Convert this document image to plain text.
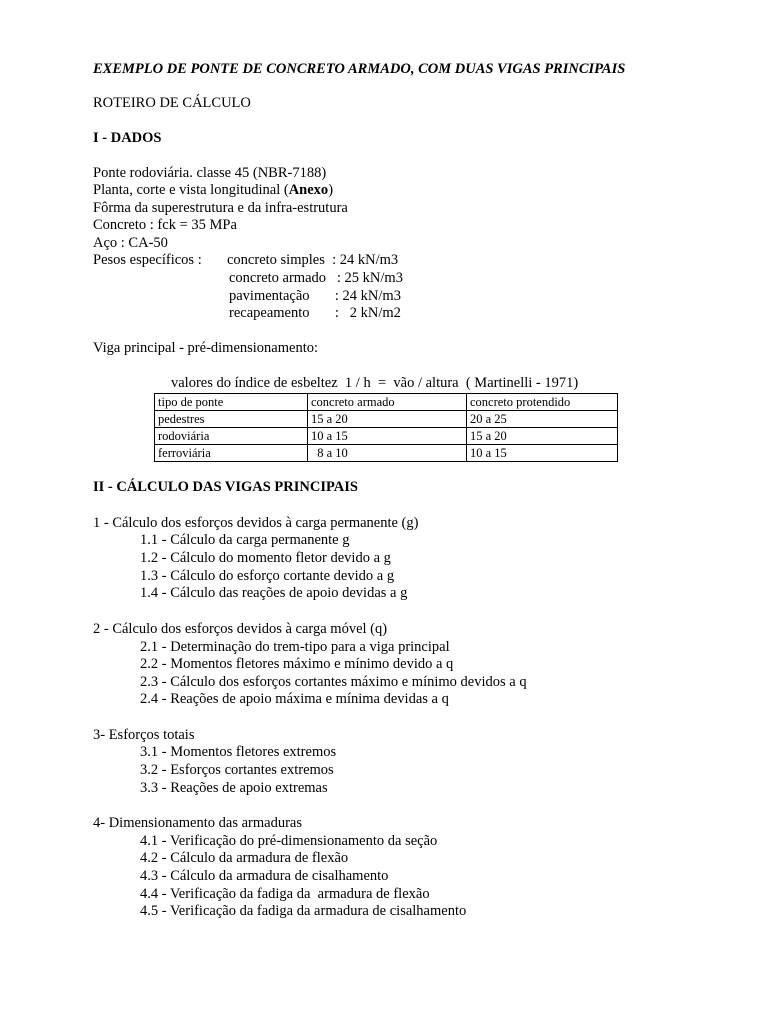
EXEMPLO DE PONTE DE CONCRETO ARMADO, COM DUAS VIGAS PRINCIPAIS
ROTEIRO DE CÁLCULO
I - DADOS
Ponte rodoviária. classe 45 (NBR-7188)
Planta, corte e vista longitudinal (Anexo)
Fôrma da superestrutura e da infra-estrutura
Concreto : fck = 35 MPa
Aço : CA-50
Pesos específicos : concreto simples  : 24 kN/m3
concreto armado   : 25 kN/m3
pavimentação       : 24 kN/m3
recapeamento       :   2 kN/m2
Viga principal - pré-dimensionamento:
valores do índice de esbeltez  1 / h  =  vão / altura  ( Martinelli - 1971)
tipo de ponte	concreto armado	concreto protendido
pedestres	15 a 20	20 a 25
rodoviária	10 a 15	15 a 20
ferroviária	8 a 10	10 a 15
II - CÁLCULO DAS VIGAS PRINCIPAIS
1 - Cálculo dos esforços devidos à carga permanente (g)
1.1 - Cálculo da carga permanente g
1.2 - Cálculo do momento fletor devido a g
1.3 - Cálculo do esforço cortante devido a g
1.4 - Cálculo das reações de apoio devidas a g
2 - Cálculo dos esforços devidos à carga móvel (q)
2.1 - Determinação do trem-tipo para a viga principal
2.2 - Momentos fletores máximo e mínimo devido a q
2.3 - Cálculo dos esforços cortantes máximo e mínimo devidos a q
2.4 - Reações de apoio máxima e mínima devidas a q
3- Esforços totais
3.1 - Momentos fletores extremos
3.2 - Esforços cortantes extremos
3.3 - Reações de apoio extremas
4- Dimensionamento das armaduras
4.1 - Verificação do pré-dimensionamento da seção
4.2 - Cálculo da armadura de flexão
4.3 - Cálculo da armadura de cisalhamento
4.4 - Verificação da fadiga da  armadura de flexão
4.5 - Verificação da fadiga da armadura de cisalhamento
